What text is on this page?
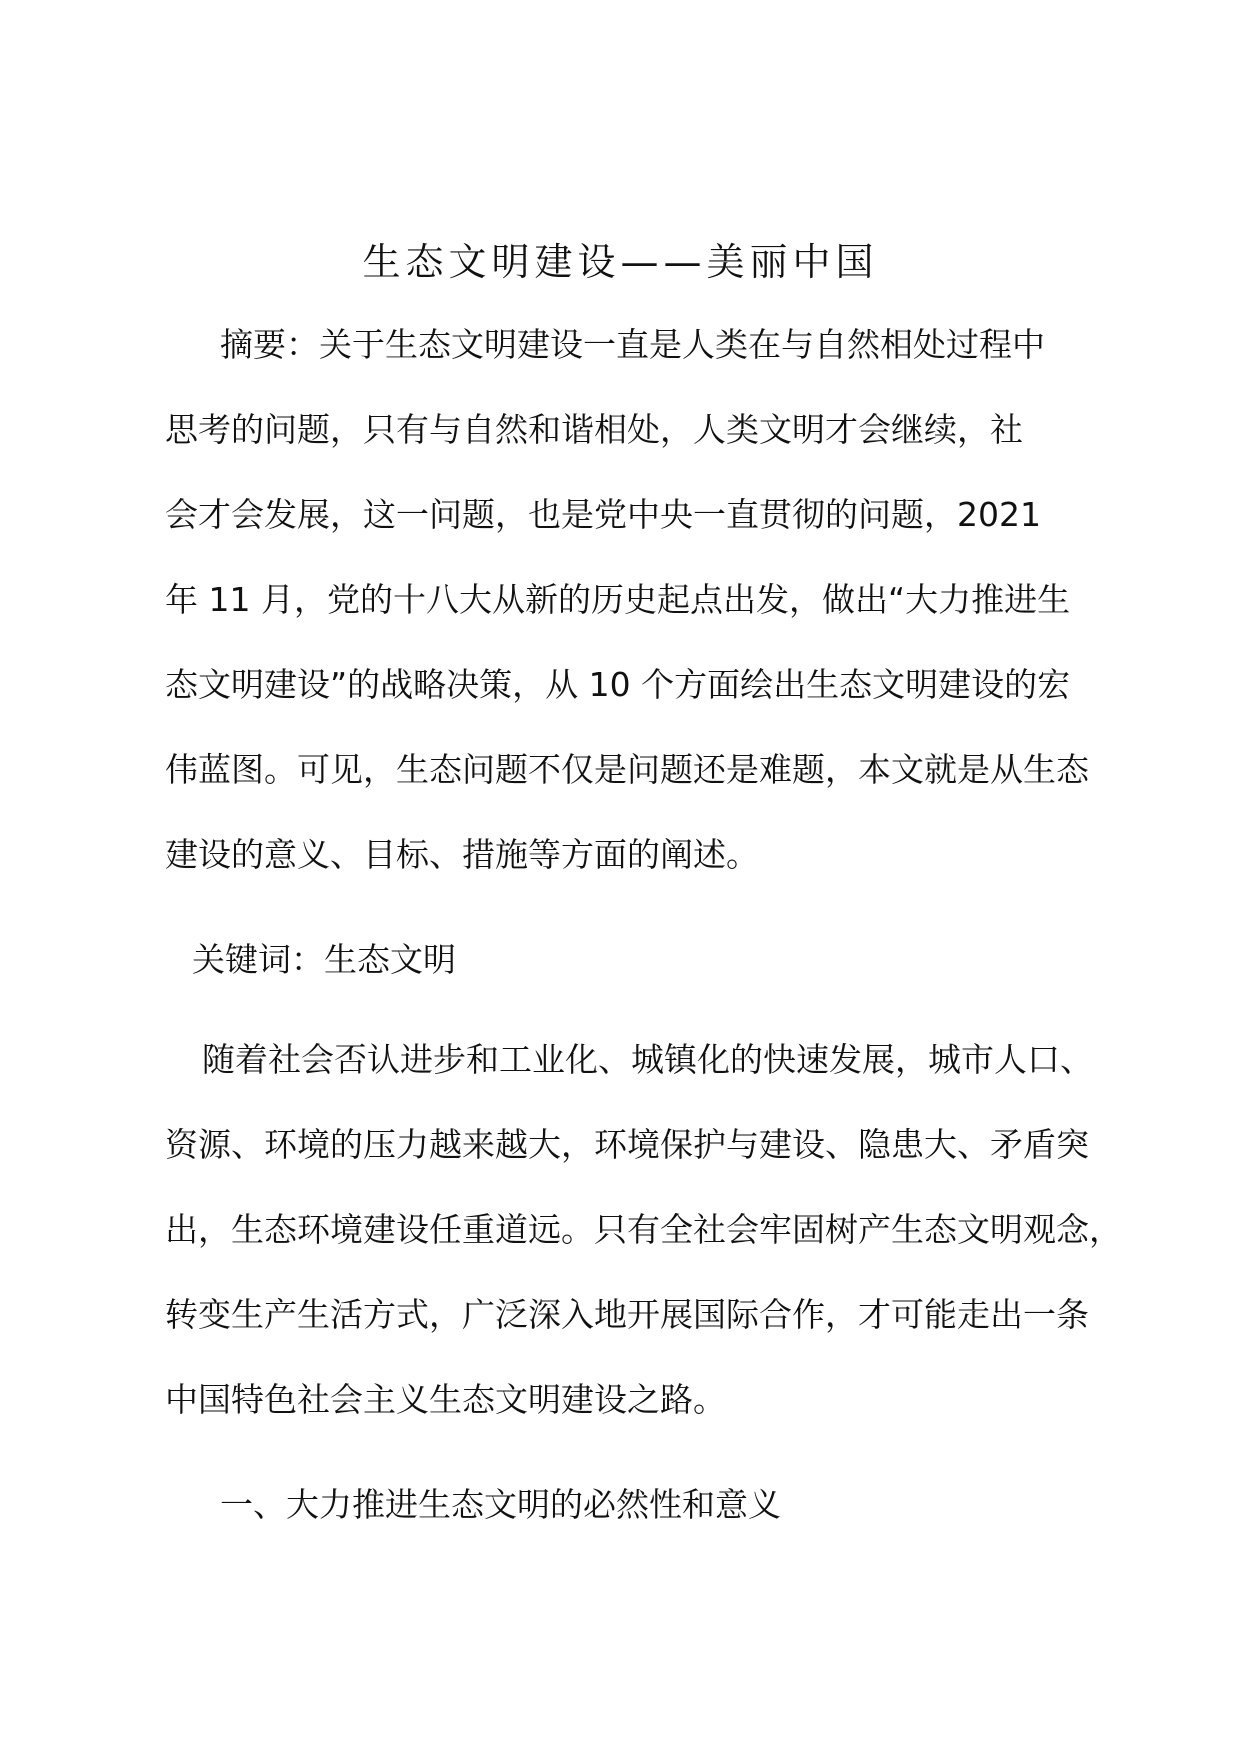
生态文明建设——美丽中国
摘要：关于生态文明建设一直是人类在与自然相处过程中
思考的问题，只有与自然和谐相处，人类文明才会继续，社
会才会发展，这一问题，也是党中央一直贯彻的问题，2021
年 11 月，党的十八大从新的历史起点出发，做出“大力推进生
态文明建设”的战略决策，从 10 个方面绘出生态文明建设的宏
伟蓝图。可见，生态问题不仅是问题还是难题，本文就是从生态
建设的意义、目标、措施等方面的阐述。
关键词：生态文明
随着社会否认进步和工业化、城镇化的快速发展，城市人口、
资源、环境的压力越来越大，环境保护与建设、隐患大、矛盾突
出，生态环境建设任重道远。只有全社会牢固树产生态文明观念，
转变生产生活方式，广泛深入地开展国际合作，才可能走出一条
中国特色社会主义生态文明建设之路。
一、大力推进生态文明的必然性和意义
